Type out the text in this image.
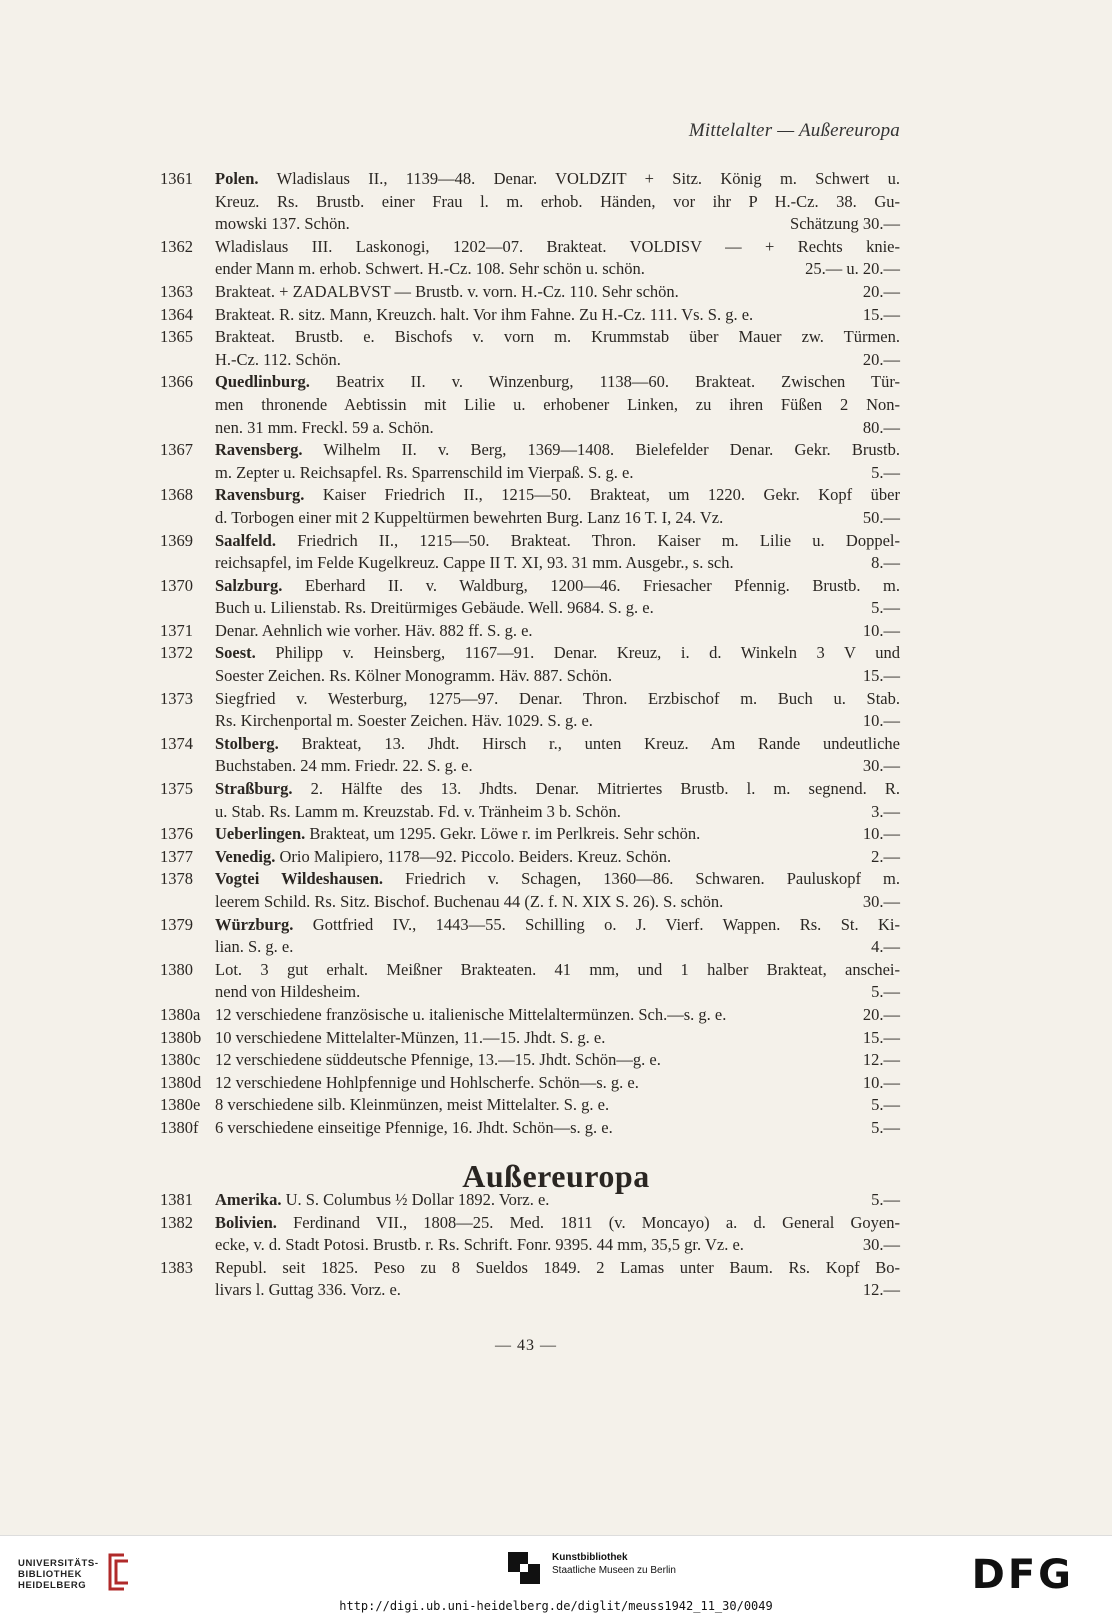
Mittelalter — Außereuropa
1361	Polen. Wladislaus II., 1139—48. Denar. VOLDZIT + Sitz. König m. Schwert u.
Kreuz. Rs. Brustb. einer Frau l. m. erhob. Händen, vor ihr P H.-Cz. 38. Gu-
mowski 137. Schön.	Schätzung 30.—
1362	Wladislaus III. Laskonogi, 1202—07. Brakteat. VOLDISV — + Rechts knie-
ender Mann m. erhob. Schwert. H.-Cz. 108. Sehr schön u. schön.	25.— u. 20.—
1363	Brakteat. + ZADALBVST — Brustb. v. vorn. H.-Cz. 110. Sehr schön.	20.—
1364	Brakteat. R. sitz. Mann, Kreuzch. halt. Vor ihm Fahne. Zu H.-Cz. 111. Vs. S. g. e.	15.—
1365	Brakteat. Brustb. e. Bischofs v. vorn m. Krummstab über Mauer zw. Türmen.
H.-Cz. 112. Schön.	20.—
1366	Quedlinburg. Beatrix II. v. Winzenburg, 1138—60. Brakteat. Zwischen Tür-
men thronende Aebtissin mit Lilie u. erhobener Linken, zu ihren Füßen 2 Non-
nen. 31 mm. Freckl. 59 a. Schön.	80.—
1367	Ravensberg. Wilhelm II. v. Berg, 1369—1408. Bielefelder Denar. Gekr. Brustb.
m. Zepter u. Reichsapfel. Rs. Sparrenschild im Vierpaß. S. g. e.	5.—
1368	Ravensburg. Kaiser Friedrich II., 1215—50. Brakteat, um 1220. Gekr. Kopf über
d. Torbogen einer mit 2 Kuppeltürmen bewehrten Burg. Lanz 16 T. I, 24. Vz.	50.—
1369	Saalfeld. Friedrich II., 1215—50. Brakteat. Thron. Kaiser m. Lilie u. Doppel-
reichsapfel, im Felde Kugelkreuz. Cappe II T. XI, 93. 31 mm. Ausgebr., s. sch.	8.—
1370	Salzburg. Eberhard II. v. Waldburg, 1200—46. Friesacher Pfennig. Brustb. m.
Buch u. Lilienstab. Rs. Dreitürmiges Gebäude. Well. 9684. S. g. e.	5.—
1371	Denar. Aehnlich wie vorher. Häv. 882 ff. S. g. e.	10.—
1372	Soest. Philipp v. Heinsberg, 1167—91. Denar. Kreuz, i. d. Winkeln 3 V und
Soester Zeichen. Rs. Kölner Monogramm. Häv. 887. Schön.	15.—
1373	Siegfried v. Westerburg, 1275—97. Denar. Thron. Erzbischof m. Buch u. Stab.
Rs. Kirchenportal m. Soester Zeichen. Häv. 1029. S. g. e.	10.—
1374	Stolberg. Brakteat, 13. Jhdt. Hirsch r., unten Kreuz. Am Rande undeutliche
Buchstaben. 24 mm. Friedr. 22. S. g. e.	30.—
1375	Straßburg. 2. Hälfte des 13. Jhdts. Denar. Mitriertes Brustb. l. m. segnend. R.
u. Stab. Rs. Lamm m. Kreuzstab. Fd. v. Tränheim 3 b. Schön.	3.—
1376	Ueberlingen. Brakteat, um 1295. Gekr. Löwe r. im Perlkreis. Sehr schön.	10.—
1377	Venedig. Orio Malipiero, 1178—92. Piccolo. Beiders. Kreuz. Schön.	2.—
1378	Vogtei Wildeshausen. Friedrich v. Schagen, 1360—86. Schwaren. Pauluskopf m.
leerem Schild. Rs. Sitz. Bischof. Buchenau 44 (Z. f. N. XIX S. 26). S. schön.	30.—
1379	Würzburg. Gottfried IV., 1443—55. Schilling o. J. Vierf. Wappen. Rs. St. Ki-
lian. S. g. e.	4.—
1380	Lot. 3 gut erhalt. Meißner Brakteaten. 41 mm, und 1 halber Brakteat, anschei-
nend von Hildesheim.	5.—
1380a 12 verschiedene französische u. italienische Mittelaltermünzen. Sch.—s. g. e.	20.—
1380b 10 verschiedene Mittelalter-Münzen, 11.—15. Jhdt. S. g. e.	15.—
1380c 12 verschiedene süddeutsche Pfennige, 13.—15. Jhdt. Schön—g. e.	12.—
1380d 12 verschiedene Hohlpfennige und Hohlscherfe. Schön—s. g. e.	10.—
1380e 8 verschiedene silb. Kleinmünzen, meist Mittelalter. S. g. e.	5.—
1380f	6 verschiedene einseitige Pfennige, 16. Jhdt. Schön—s. g. e.	5.—
Außereuropa
1381	Amerika. U. S. Columbus ½ Dollar 1892. Vorz. e.	5.—
1382	Bolivien. Ferdinand VII., 1808—25. Med. 1811 (v. Moncayo) a. d. General Goyen-
ecke, v. d. Stadt Potosi. Brustb. r. Rs. Schrift. Fonr. 9395. 44 mm, 35,5 gr. Vz. e.	30.—
1383	Republ. seit 1825. Peso zu 8 Sueldos 1849. 2 Lamas unter Baum. Rs. Kopf Bo-
livars l. Guttag 336. Vorz. e.	12.—
— 43 —
UNIVERSITÄTS-
BIBLIOTHEK
HEIDELBERG
Kunstbibliothek
Staatliche Museen zu Berlin	DFG
http://digi.ub.uni-heidelberg.de/diglit/meuss1942_11_30/0049
